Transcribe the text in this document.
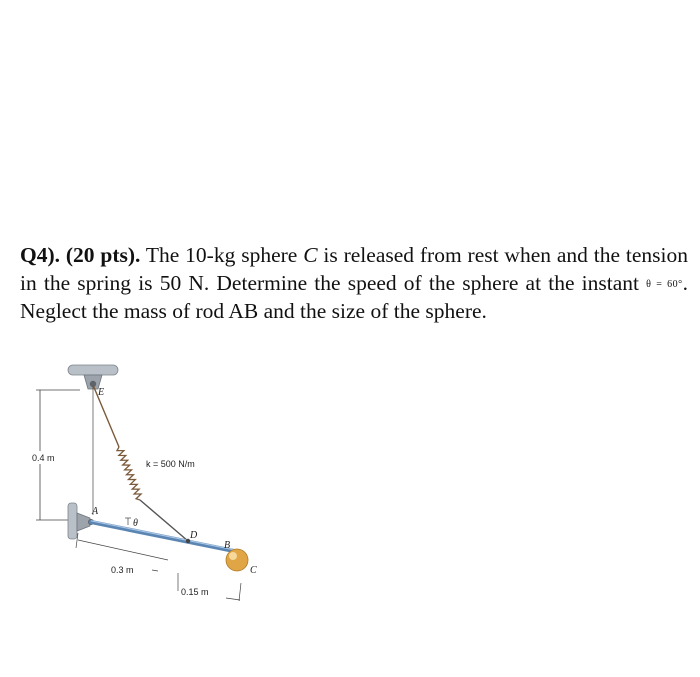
Q4). (20 pts). The 10-kg sphere C is released from rest when and the tension in the spring is 50 N. Determine the speed of the sphere at the instant θ = 60°. Neglect the mass of rod AB and the size of the sphere.

E
0.4 m
k = 500 N/m
A
θ
D
B
C
0.3 m
0.15 m
